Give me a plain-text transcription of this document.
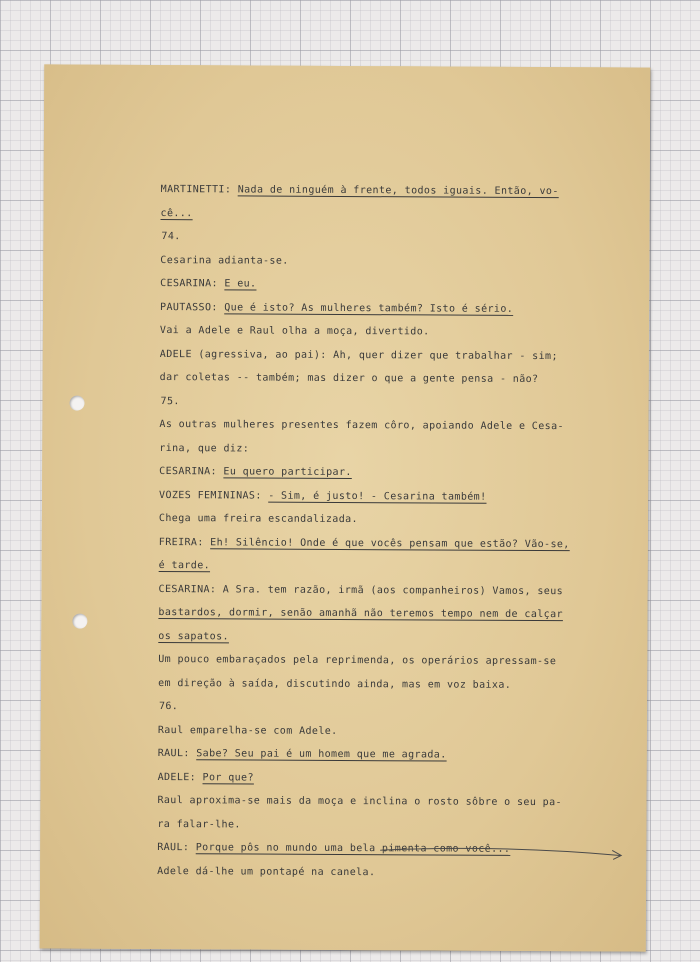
MARTINETTI: Nada de ninguém à frente, todos iguais. Então, vo-
cê...
74.
Cesarina adianta-se.
CESARINA: E eu.
PAUTASSO: Que é isto? As mulheres também? Isto é sério.
Vai a Adele e Raul olha a moça, divertido.
ADELE (agressiva, ao pai): Ah, quer dizer que trabalhar - sim;
dar coletas -- também; mas dizer o que a gente pensa - não?
75.
As outras mulheres presentes fazem côro, apoiando Adele e Cesa-
rina, que diz:
CESARINA: Eu quero participar.
VOZES FEMININAS: - Sim, é justo! - Cesarina também!
Chega uma freira escandalizada.
FREIRA: Eh! Silêncio! Onde é que vocês pensam que estão? Vão-se,
é tarde.
CESARINA: A Sra. tem razão, irmã (aos companheiros) Vamos, seus
bastardos, dormir, senão amanhã não teremos tempo nem de calçar
os sapatos.
Um pouco embaraçados pela reprimenda, os operários apressam-se
em direção à saída, discutindo ainda, mas em voz baixa.
76.
Raul emparelha-se com Adele.
RAUL: Sabe? Seu pai é um homem que me agrada.
ADELE: Por que?
Raul aproxima-se mais da moça e inclina o rosto sôbre o seu pa-
ra falar-lhe.
RAUL: Porque pôs no mundo uma bela pimenta como você...
Adele dá-lhe um pontapé na canela.
